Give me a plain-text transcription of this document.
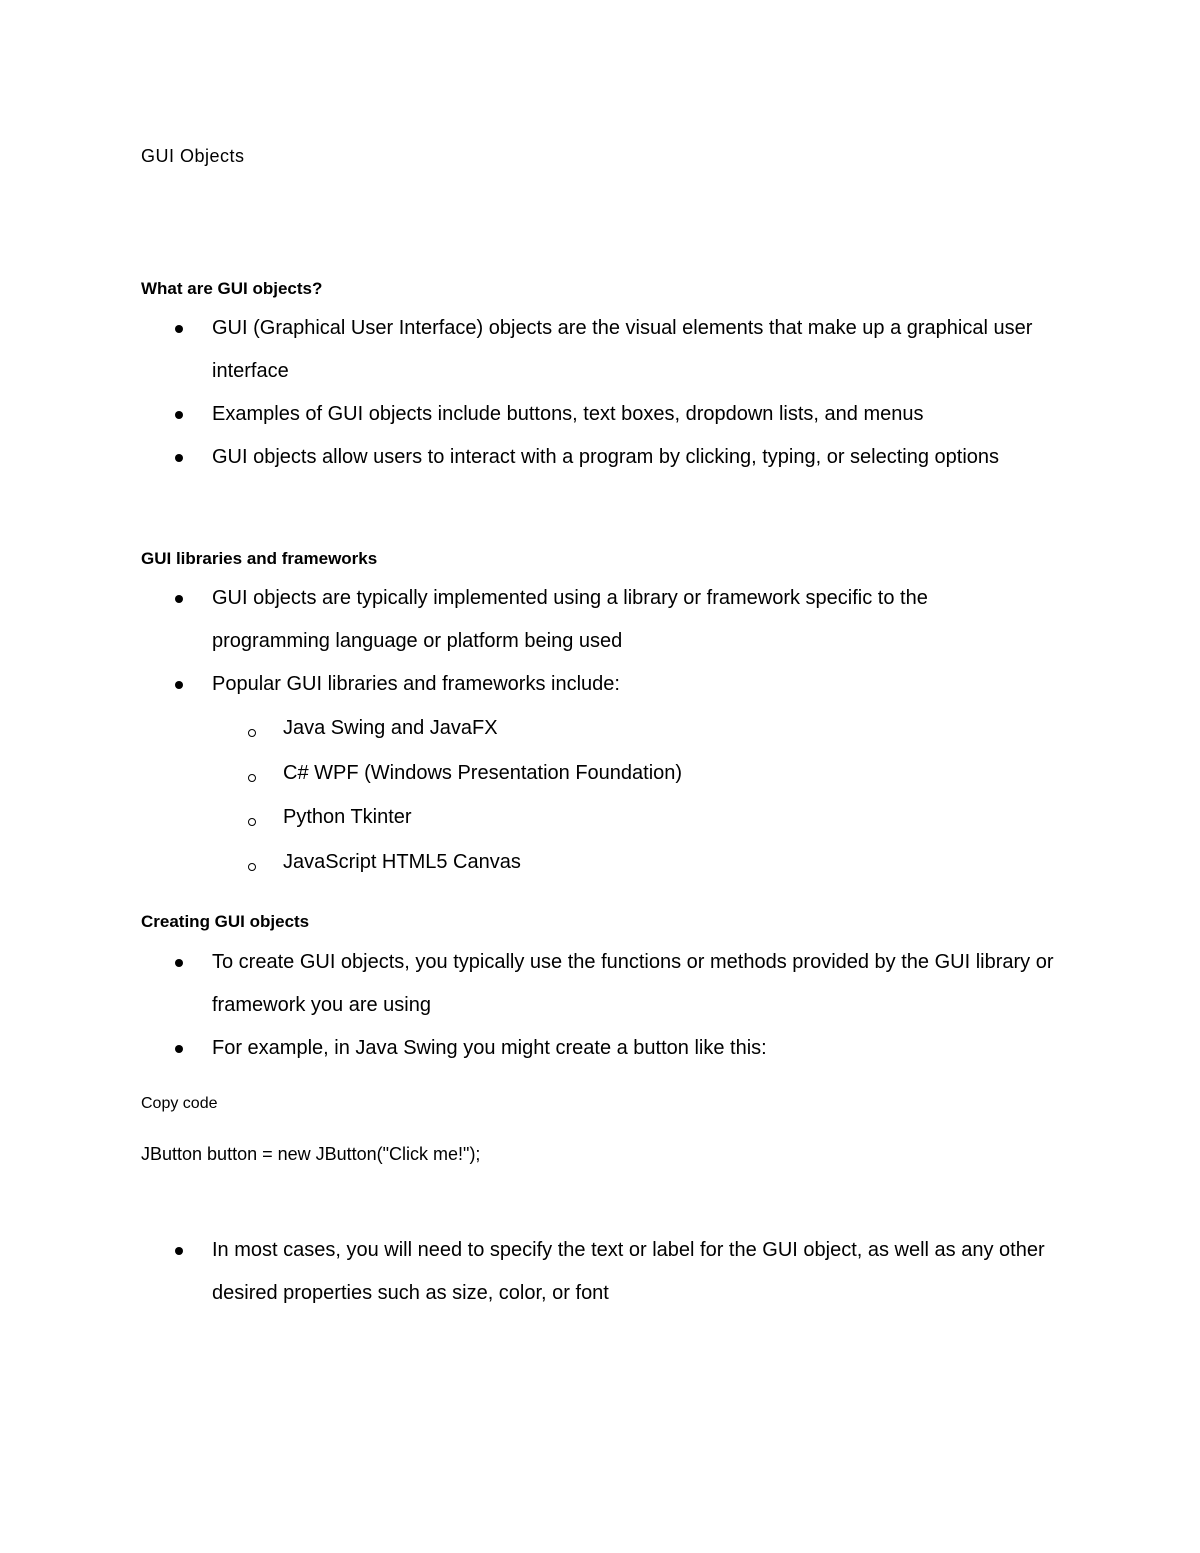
GUI Objects
What are GUI objects?
GUI (Graphical User Interface) objects are the visual elements that make up a graphical user interface
Examples of GUI objects include buttons, text boxes, dropdown lists, and menus
GUI objects allow users to interact with a program by clicking, typing, or selecting options
GUI libraries and frameworks
GUI objects are typically implemented using a library or framework specific to the programming language or platform being used
Popular GUI libraries and frameworks include:
Java Swing and JavaFX
C# WPF (Windows Presentation Foundation)
Python Tkinter
JavaScript HTML5 Canvas
Creating GUI objects
To create GUI objects, you typically use the functions or methods provided by the GUI library or framework you are using
For example, in Java Swing you might create a button like this:
Copy code
JButton button = new JButton("Click me!");
In most cases, you will need to specify the text or label for the GUI object, as well as any other desired properties such as size, color, or font
